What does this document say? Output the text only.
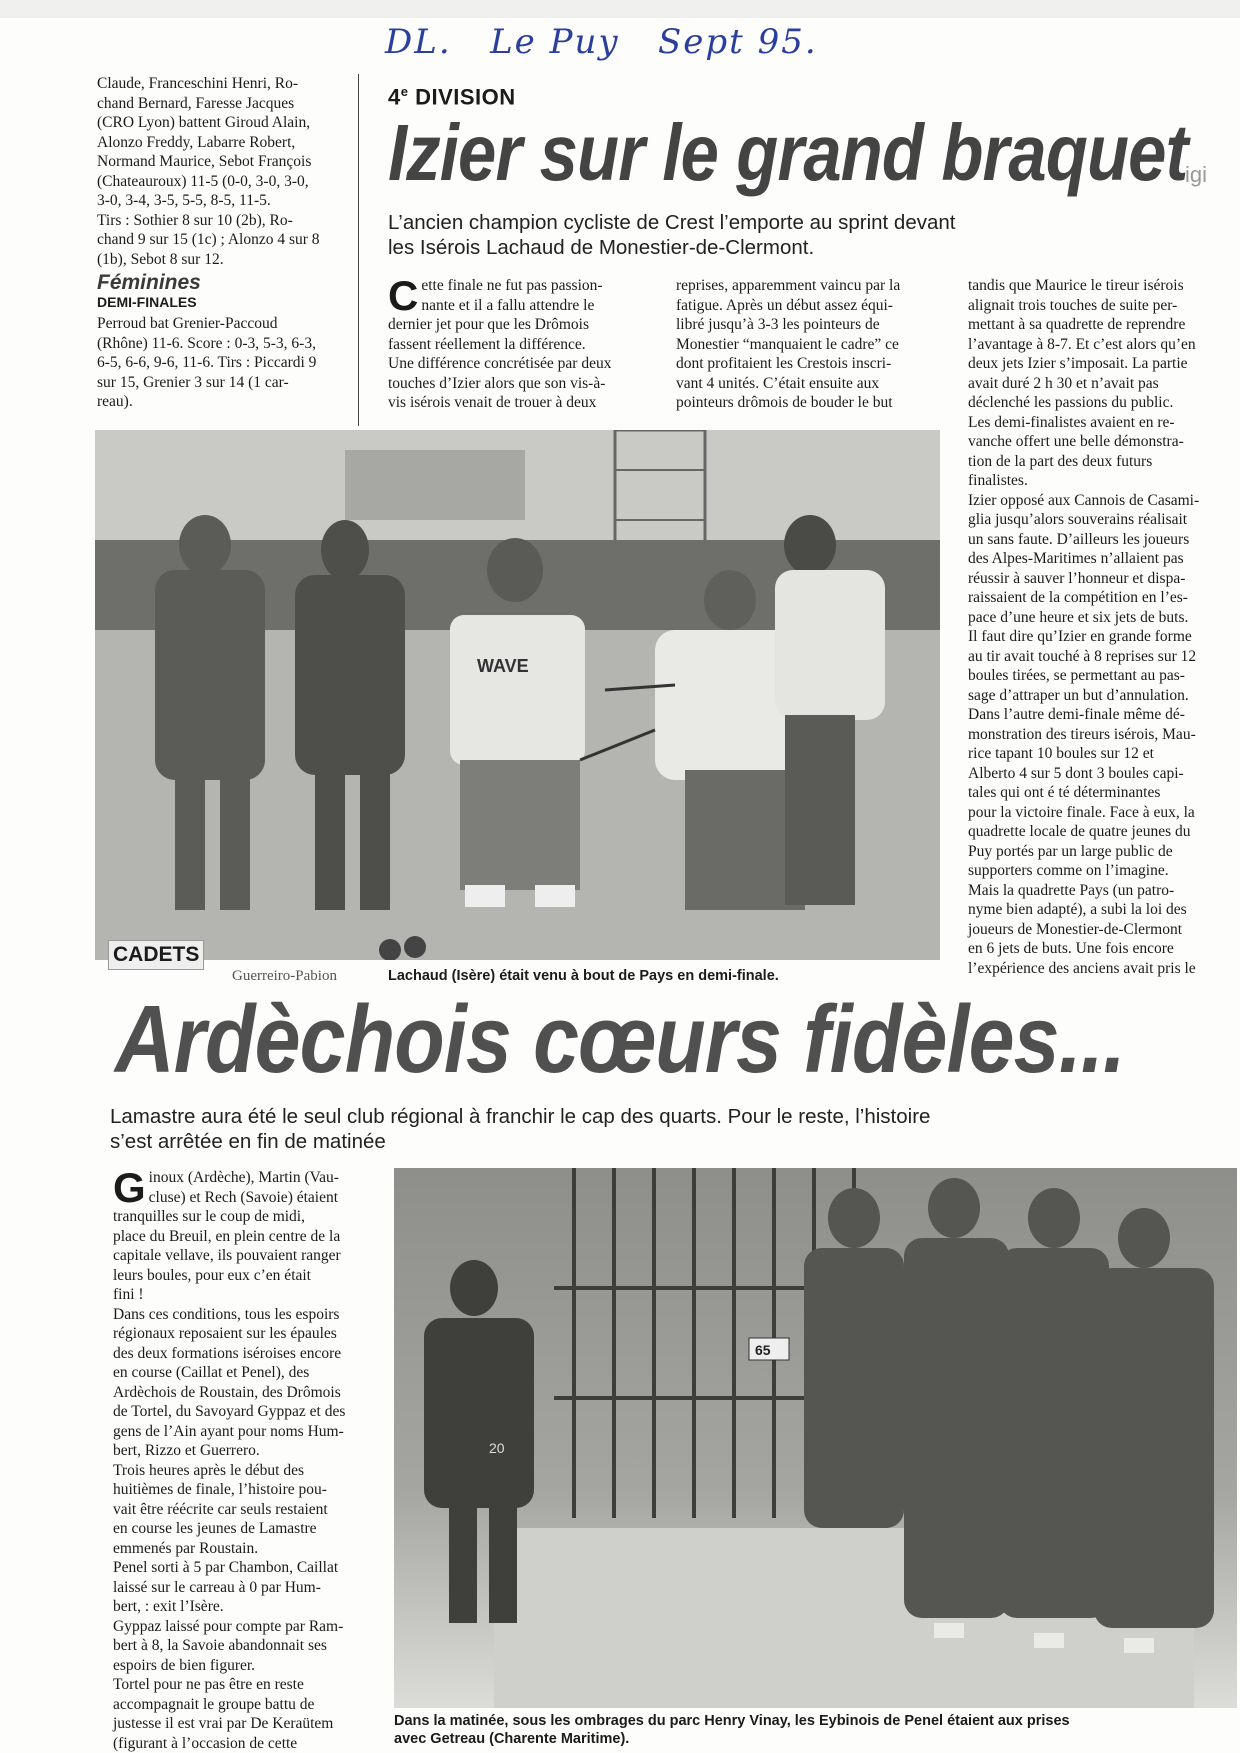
DL.   Le Puy   Sept 95.
Claude, Franceschini Henri, Ro-
chand Bernard, Faresse Jacques
(CRO Lyon) battent Giroud Alain,
Alonzo Freddy, Labarre Robert,
Normand Maurice, Sebot François
(Chateauroux) 11-5 (0-0, 3-0, 3-0,
3-0, 3-4, 3-5, 5-5, 8-5, 11-5.
Tirs : Sothier 8 sur 10 (2b), Ro-
chand 9 sur 15 (1c) ; Alonzo 4 sur 8
(1b), Sebot 8 sur 12.
Féminines
DEMI-FINALES
Perroud bat Grenier-Paccoud
(Rhône) 11-6. Score : 0-3, 5-3, 6-3,
6-5, 6-6, 9-6, 11-6. Tirs : Piccardi 9
sur 15, Grenier 3 sur 14 (1 car-
reau).
4e DIVISION
Izier sur le grand braquet
igi
L’ancien champion cycliste de Crest l’emporte au sprint devant
les Isérois Lachaud de Monestier-de-Clermont.
C ette finale ne fut pas passion-
nante et il a fallu attendre le
dernier jet pour que les Drômois
fassent réellement la différence.
Une différence concrétisée par deux
touches d’Izier alors que son vis-à-
vis isérois venait de trouer à deux
reprises, apparemment vaincu par la
fatigue. Après un début assez équi-
libré jusqu’à 3-3 les pointeurs de
Monestier “manquaient le cadre” ce
dont profitaient les Crestois inscri-
vant 4 unités. C’était ensuite aux
pointeurs drômois de bouder le but
tandis que Maurice le tireur isérois
alignait trois touches de suite per-
mettant à sa quadrette de reprendre
l’avantage à 8-7. Et c’est alors qu’en
deux jets Izier s’imposait. La partie
avait duré 2 h 30 et n’avait pas
déclenché les passions du public.
Les demi-finalistes avaient en re-
vanche offert une belle démonstra-
tion de la part des deux futurs
finalistes.
Izier opposé aux Cannois de Casami-
glia jusqu’alors souverains réalisait
un sans faute. D’ailleurs les joueurs
des Alpes-Maritimes n’allaient pas
réussir à sauver l’honneur et dispa-
raissaient de la compétition en l’es-
pace d’une heure et six jets de buts.
Il faut dire qu’Izier en grande forme
au tir avait touché à 8 reprises sur 12
boules tirées, se permettant au pas-
sage d’attraper un but d’annulation.
Dans l’autre demi-finale même dé-
monstration des tireurs isérois, Mau-
rice tapant 10 boules sur 12 et
Alberto 4 sur 5 dont 3 boules capi-
tales qui ont é té déterminantes
pour la victoire finale. Face à eux, la
quadrette locale de quatre jeunes du
Puy portés par un large public de
supporters comme on l’imagine.
Mais la quadrette Pays (un patro-
nyme bien adapté), a subi la loi des
joueurs de Monestier-de-Clermont
en 6 jets de buts. Une fois encore
l’expérience des anciens avait pris le
WAVE
Lachaud (Isère) était venu à bout de Pays en demi-finale.
CADETS
Guerreiro-Pabion
Ardèchois cœurs fidèles...
Lamastre aura été le seul club régional à franchir le cap des quarts. Pour le reste, l’histoire
s’est arrêtée en fin de matinée
G inoux (Ardèche), Martin (Vau-
cluse) et Rech (Savoie) étaient
tranquilles sur le coup de midi,
place du Breuil, en plein centre de la
capitale vellave, ils pouvaient ranger
leurs boules, pour eux c’en était
fini !
Dans ces conditions, tous les espoirs
régionaux reposaient sur les épaules
des deux formations iséroises encore
en course (Caillat et Penel), des
Ardèchois de Roustain, des Drômois
de Tortel, du Savoyard Gyppaz et des
gens de l’Ain ayant pour noms Hum-
bert, Rizzo et Guerrero.
Trois heures après le début des
huitièmes de finale, l’histoire pou-
vait être réécrite car seuls restaient
en course les jeunes de Lamastre
emmenés par Roustain.
Penel sorti à 5 par Chambon, Caillat
laissé sur le carreau à 0 par Hum-
bert, : exit l’Isère.
Gyppaz laissé pour compte par Ram-
bert à 8, la Savoie abandonnait ses
espoirs de bien figurer.
Tortel pour ne pas être en reste
accompagnait le groupe battu de
justesse il est vrai par De Keraütem
(figurant à l’occasion de cette
65
20
Dans la matinée, sous les ombrages du parc Henry Vinay, les Eybinois de Penel étaient aux prises
avec Getreau (Charente Maritime).
